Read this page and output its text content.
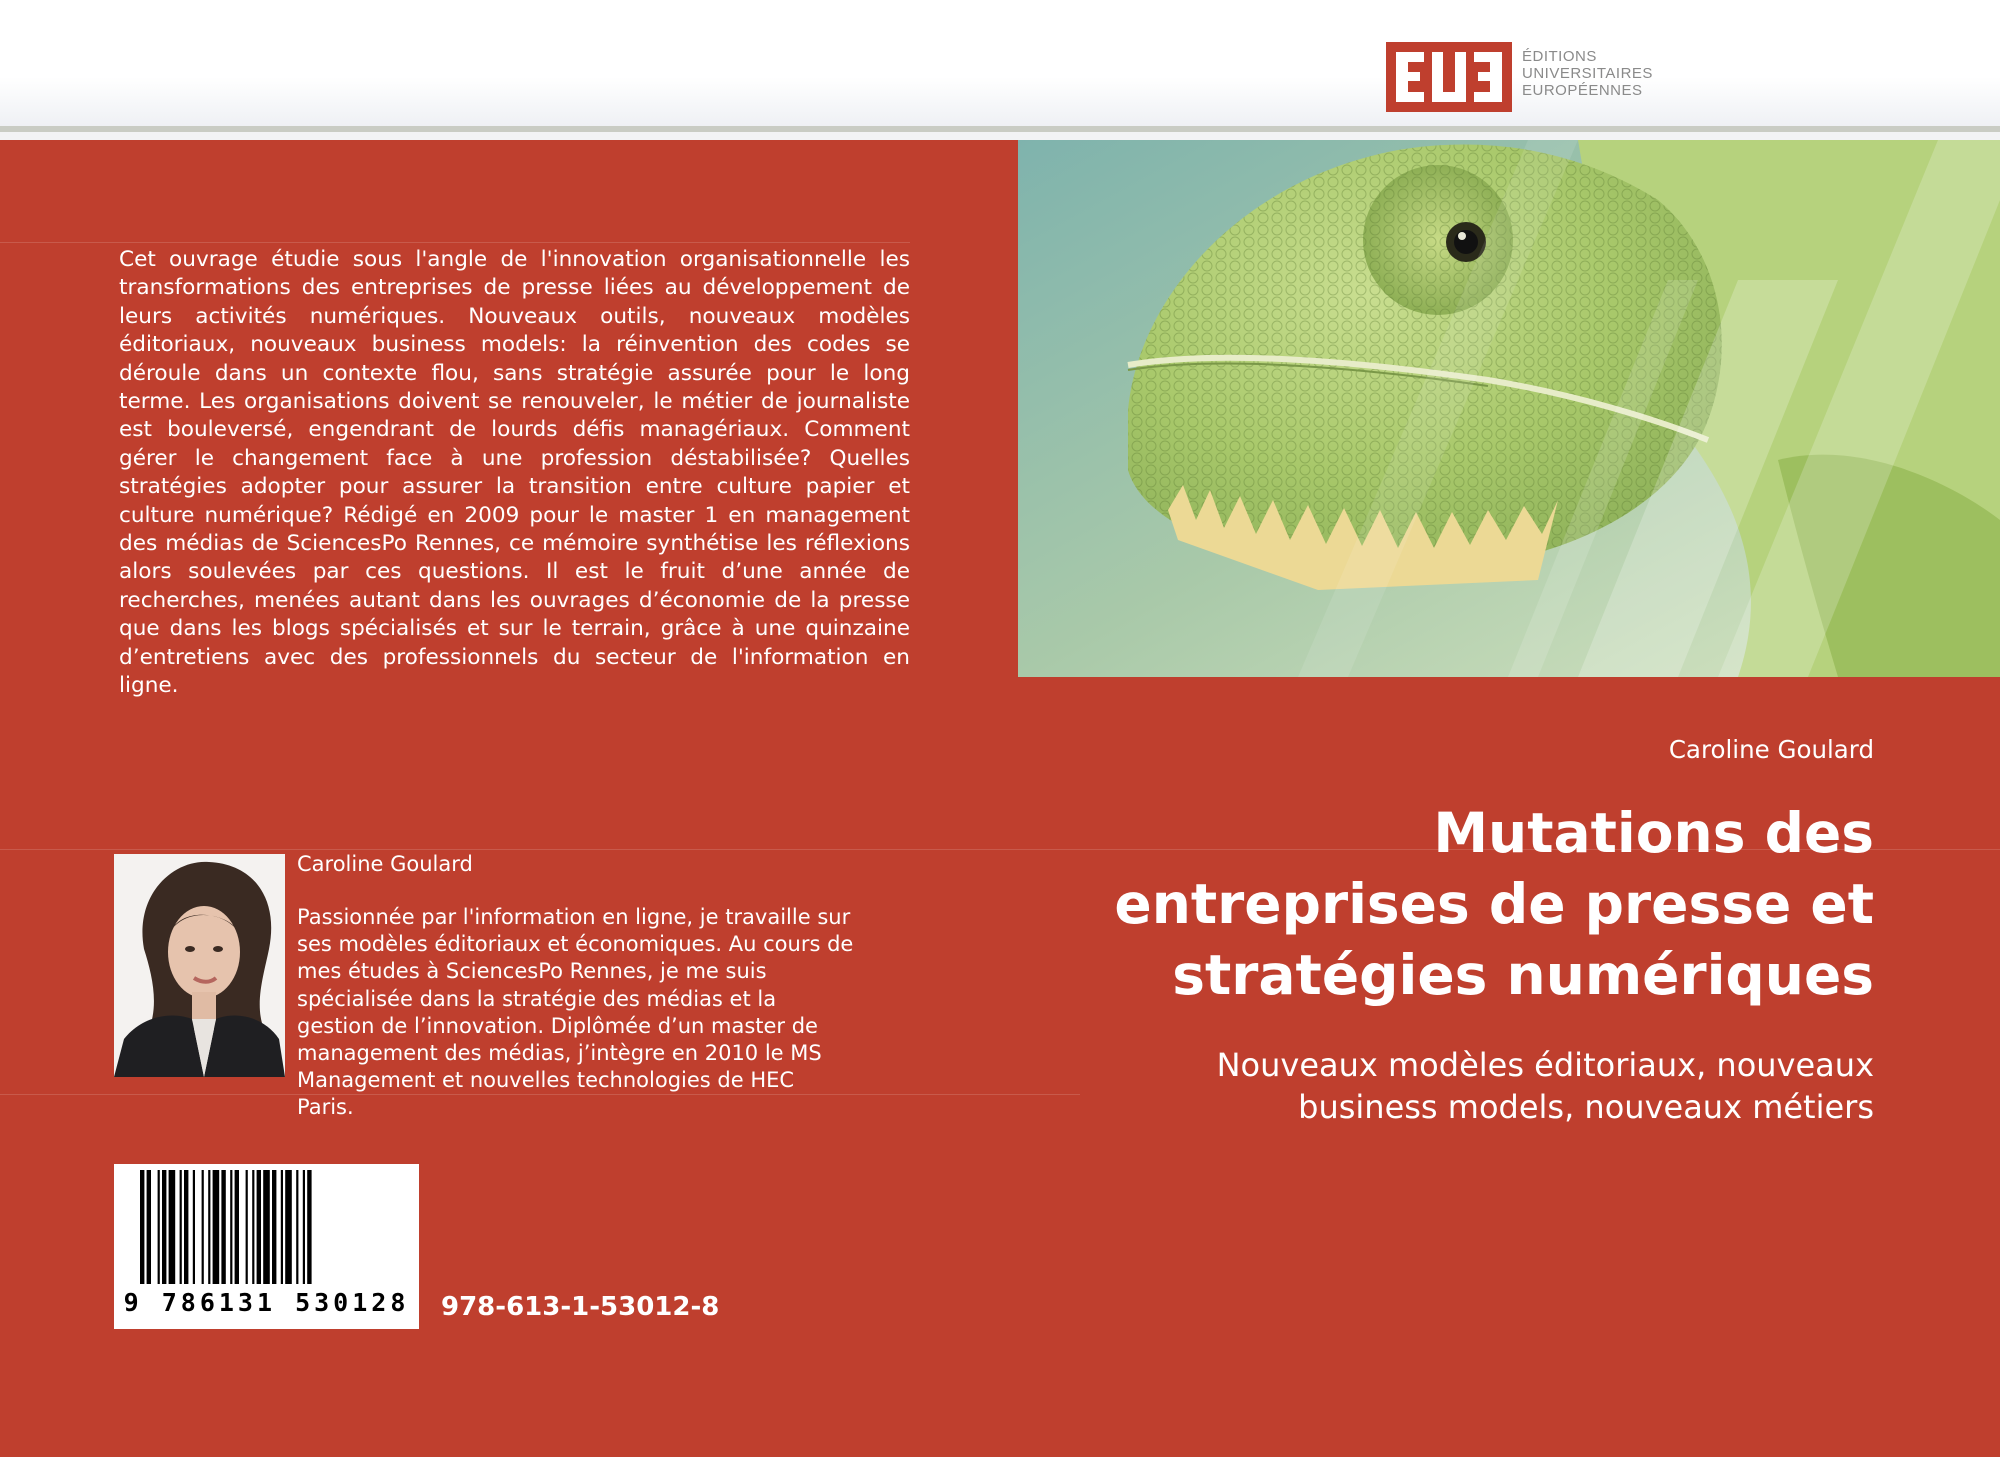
ÉDITIONS
UNIVERSITAIRES
EUROPÉENNES

Cet ouvrage étudie sous l'angle de l'innovation organisationnelle les transformations des entreprises de presse liées au développement de leurs activités numériques. Nouveaux outils, nouveaux modèles éditoriaux, nouveaux business models: la réinvention des codes se déroule dans un contexte flou, sans stratégie assurée pour le long terme. Les organisations doivent se renouveler, le métier de journaliste est bouleversé, engendrant de lourds défis managériaux. Comment gérer le changement face à une profession déstabilisée? Quelles stratégies adopter pour assurer la transition entre culture papier et culture numérique? Rédigé en 2009 pour le master 1 en management des médias de SciencesPo Rennes, ce mémoire synthétise les réflexions alors soulevées par ces questions. Il est le fruit d’une année de recherches, menées autant dans les ouvrages d’économie de la presse que dans les blogs spécialisés et sur le terrain, grâce à une quinzaine d’entretiens avec des professionnels du secteur de l'information en ligne.

Caroline Goulard

Passionnée par l'information en ligne, je travaille sur ses modèles éditoriaux et économiques. Au cours de mes études à SciencesPo Rennes, je me suis spécialisée dans la stratégie des médias et la gestion de l’innovation. Diplômée d’un master de management des médias, j’intègre en 2010 le MS Management et nouvelles technologies de HEC Paris.

Caroline Goulard
Mutations des entreprises de presse et stratégies numériques

Nouveaux modèles éditoriaux, nouveaux business models, nouveaux métiers

9 786131 530128	978-613-1-53012-8
